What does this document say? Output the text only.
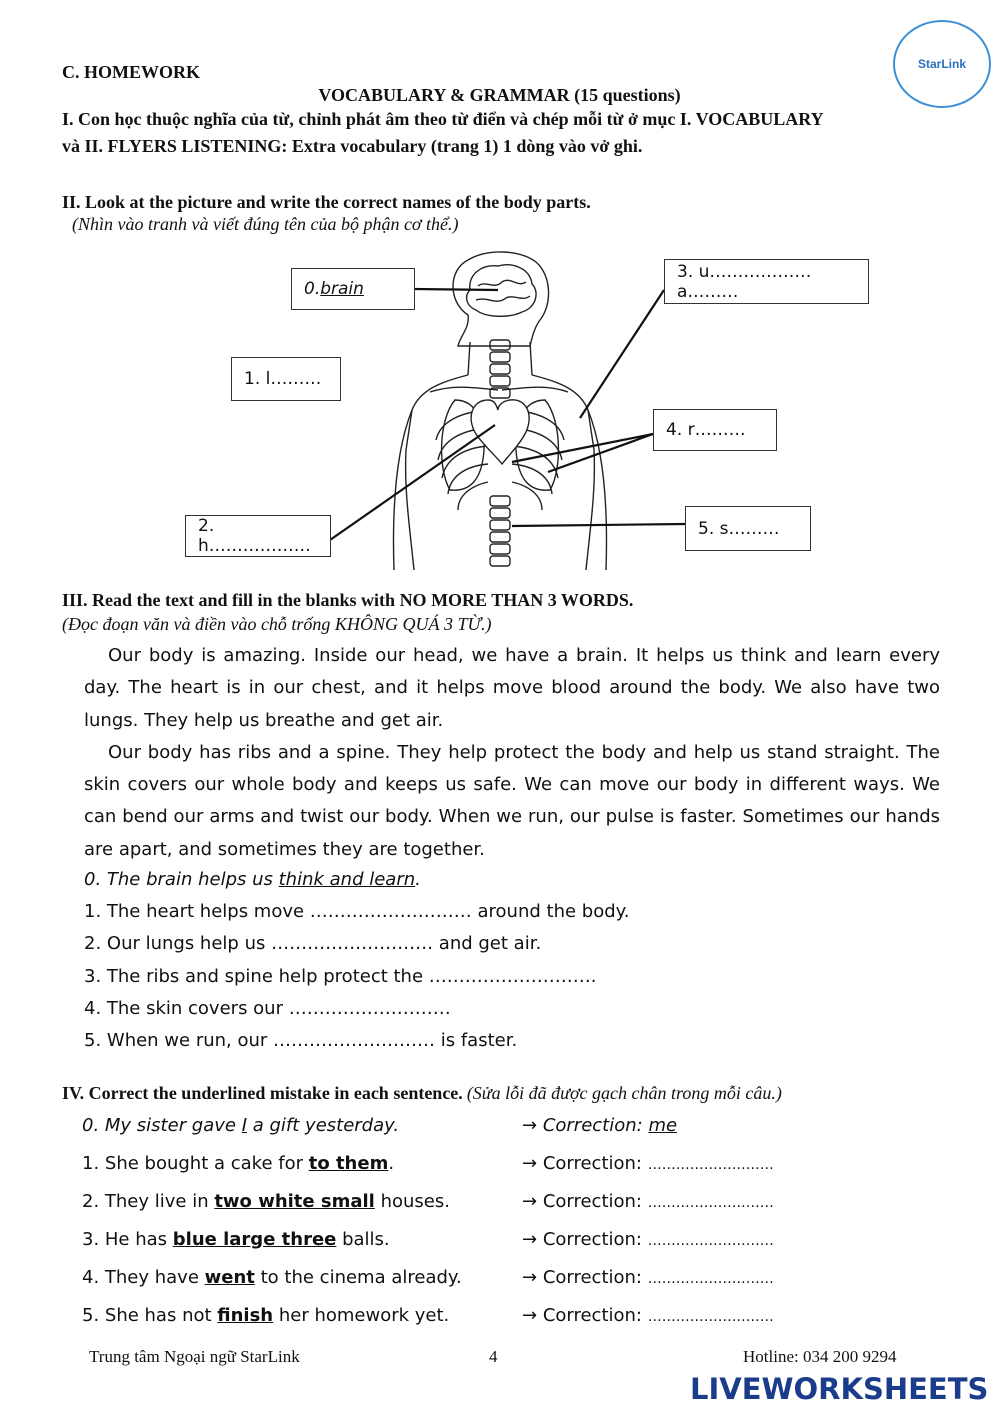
StarLink
C. HOMEWORK
VOCABULARY & GRAMMAR (15 questions)
I. Con học thuộc nghĩa của từ, chỉnh phát âm theo từ điển và chép mỗi từ ở mục I. VOCABULARY
và II. FLYERS LISTENING: Extra vocabulary (trang 1) 1 dòng vào vở ghi.
II. Look at the picture and write the correct names of the body parts.
(Nhìn vào tranh và viết đúng tên của bộ phận cơ thể.)
0. brain
1. l………
2. h………………
3. u……………… a………
4. r………
5. s………
III. Read the text and fill in the blanks with NO MORE THAN 3 WORDS.
(Đọc đoạn văn và điền vào chỗ trống KHÔNG QUÁ 3 TỪ.)

Our body is amazing. Inside our head, we have a brain. It helps us think and learn every day. The heart is in our chest, and it helps move blood around the body. We also have two lungs. They help us breathe and get air.

Our body has ribs and a spine. They help protect the body and help us stand straight. The skin covers our whole body and keeps us safe. We can move our body in different ways. We can bend our arms and twist our body. When we run, our pulse is faster. Sometimes our hands are apart, and sometimes they are together.

0. The brain helps us think and learn.
1. The heart helps move ……………………… around the body.
2. Our lungs help us ……………………… and get air.
3. The ribs and spine help protect the ……………………….
4. The skin covers our ………………………
5. When we run, our ……………………… is faster.
IV. Correct the underlined mistake in each sentence. (Sửa lỗi đã được gạch chân trong mỗi câu.)
0. My sister gave I a gift yesterday.	→ Correction: me
1. She bought a cake for to them.	→ Correction: ………………………
2. They live in two white small houses.	→ Correction: ………………………
3. He has blue large three balls.	→ Correction: ………………………
4. They have went to the cinema already.	→ Correction: ………………………
5. She has not finish her homework yet.	→ Correction: ………………………
Trung tâm Ngoại ngữ StarLink	4	Hotline: 034 200 9294
LIVEWORKSHEETS
